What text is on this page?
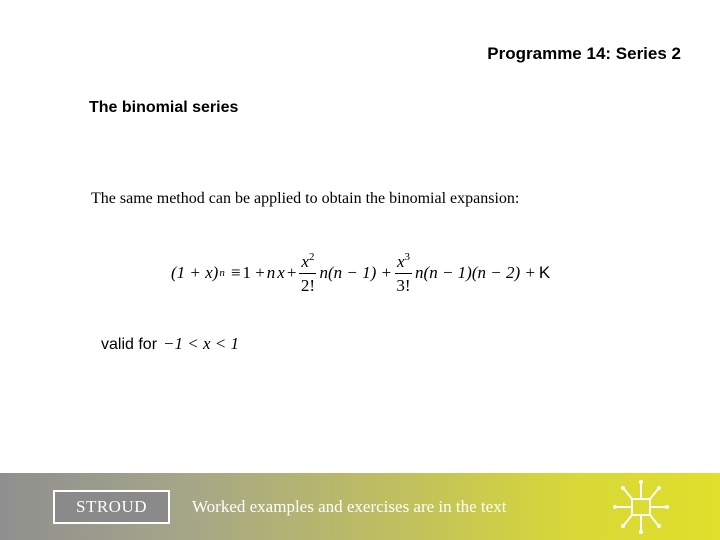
Programme 14: Series 2
The binomial series
The same method can be applied to obtain the binomial expansion:
(1 + x) n ≡ 1 + n $x + \frac{x^2}{2!} n(n - 1) + \frac{x^3}{3!} n(n - 1)(n - 2) + K$
valid for −1 < x < 1
STROUD	Worked examples and exercises are in the text
